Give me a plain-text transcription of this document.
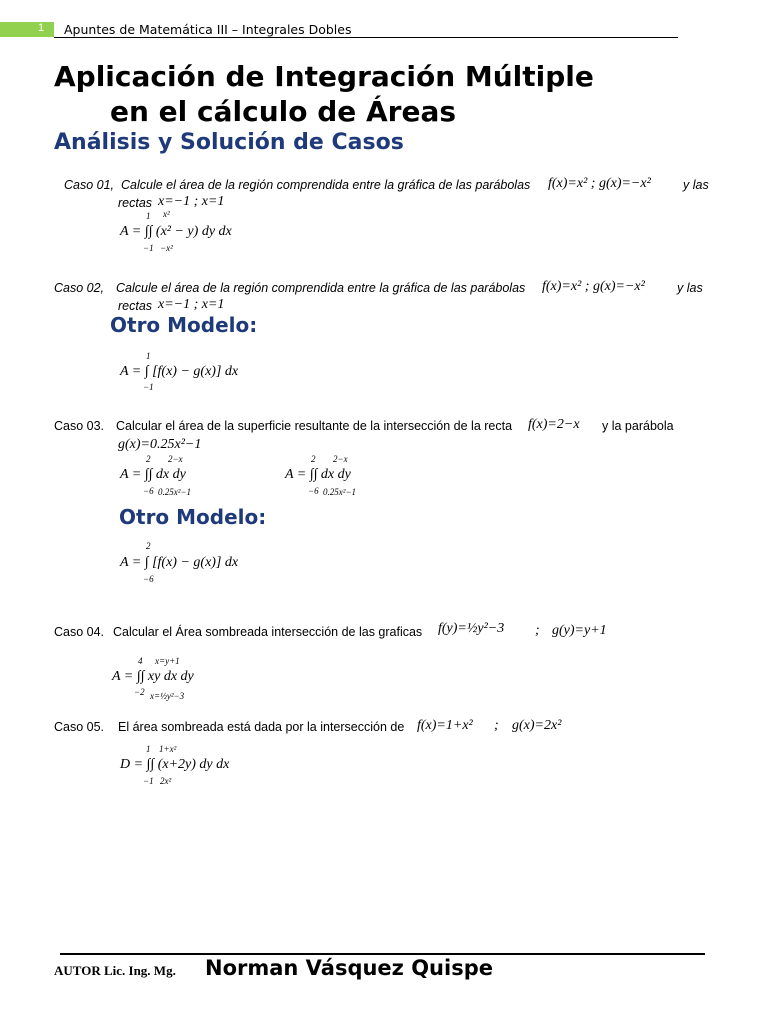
1 Apuntes de Matemática III – Integrales Dobles
Aplicación de Integración Múltiple
en el cálculo de Áreas
Análisis y Solución de Casos
Caso 01, Calcule el área de la región comprendida entre la gráfica de las parábolas f(x)=x² ; g(x)=−x²	y las
rectas x=−1 ; x=1
1 x²
A = ∫∫ (x² − y) dy dx
−1 −x²
Caso 02, Calcule el área de la región comprendida entre la gráfica de las parábolas f(x)=x² ; g(x)=−x²	y las
rectas x=−1 ; x=1
Otro Modelo:
1
A = ∫ [f(x) − g(x)] dx
−1
Caso 03. Calcular el área de la superficie resultante de la intersección de la recta f(x)=2−x y la parábola
g(x)=0.25x²−1
2 2−x
A = ∫∫ dx dy
−6 0.25x²−1
2 2−x
A = ∫∫ dx dy
−6 0.25x²−1
Otro Modelo:
2
A = ∫ [f(x) − g(x)] dx
−6
Caso 04. Calcular el Área sombreada intersección de las graficas f(y)=½y²−3 ; g(y)=y+1
4 x=y+1
A = ∫∫ xy dx dy
−2 x=½y²−3
Caso 05. El área sombreada está dada por la intersección de f(x)=1+x² ; g(x)=2x²
1 1+x²
D = ∫∫ (x+2y) dy dx
−1 2x²
AUTOR Lic. Ing. Mg. Norman Vásquez Quispe
